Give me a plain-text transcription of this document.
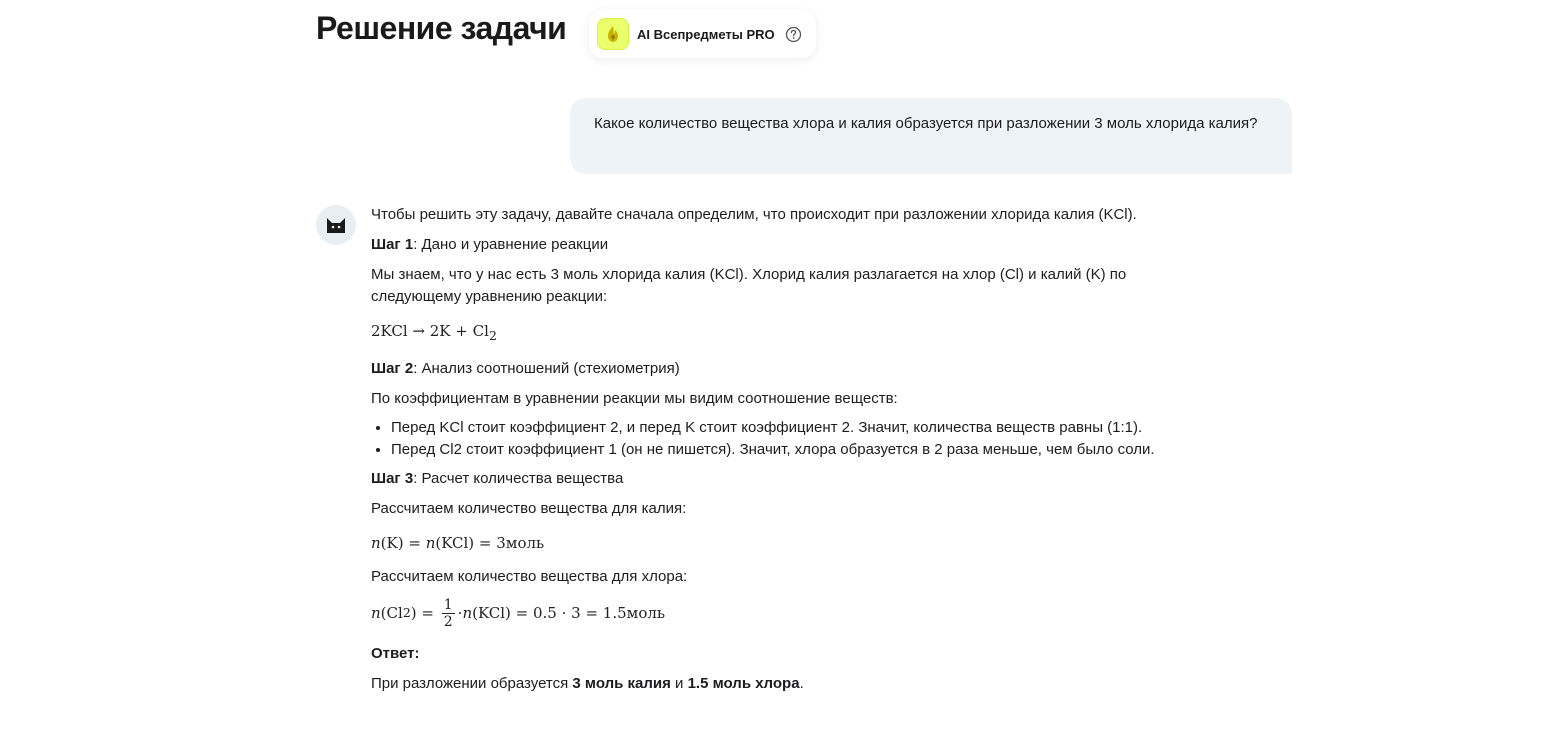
Решение задачи	AI Всепредметы PRO
Какое количество вещества хлора и калия образуется при разложении 3 моль хлорида калия?

Чтобы решить эту задачу, давайте сначала определим, что происходит при разложении хлорида калия (KCl).

Шаг 1: Дано и уравнение реакции

Мы знаем, что у нас есть 3 моль хлорида калия (KCl). Хлорид калия разлагается на хлор (Cl) и калий (K) по следующему уравнению реакции:

$2KCl \to 2K + Cl_2$

Шаг 2: Анализ соотношений (стехиометрия)

По коэффициентам в уравнении реакции мы видим соотношение веществ:

• Перед KCl стоит коэффициент 2, и перед K стоит коэффициент 2. Значит, количества веществ равны (1:1).
• Перед Cl2 стоит коэффициент 1 (он не пишется). Значит, хлора образуется в 2 раза меньше, чем было соли.

Шаг 3: Расчет количества вещества

Рассчитаем количество вещества для калия:

n(K) = n(KCl) = 3моль

Рассчитаем количество вещества для хлора:

n (Cl 2 ) = $\frac{1}{2} \cdot n$ (KCl) = 0.5 · 3 = 1.5моль

Ответ:

При разложении образуется 3 моль калия и 1.5 моль хлора.
